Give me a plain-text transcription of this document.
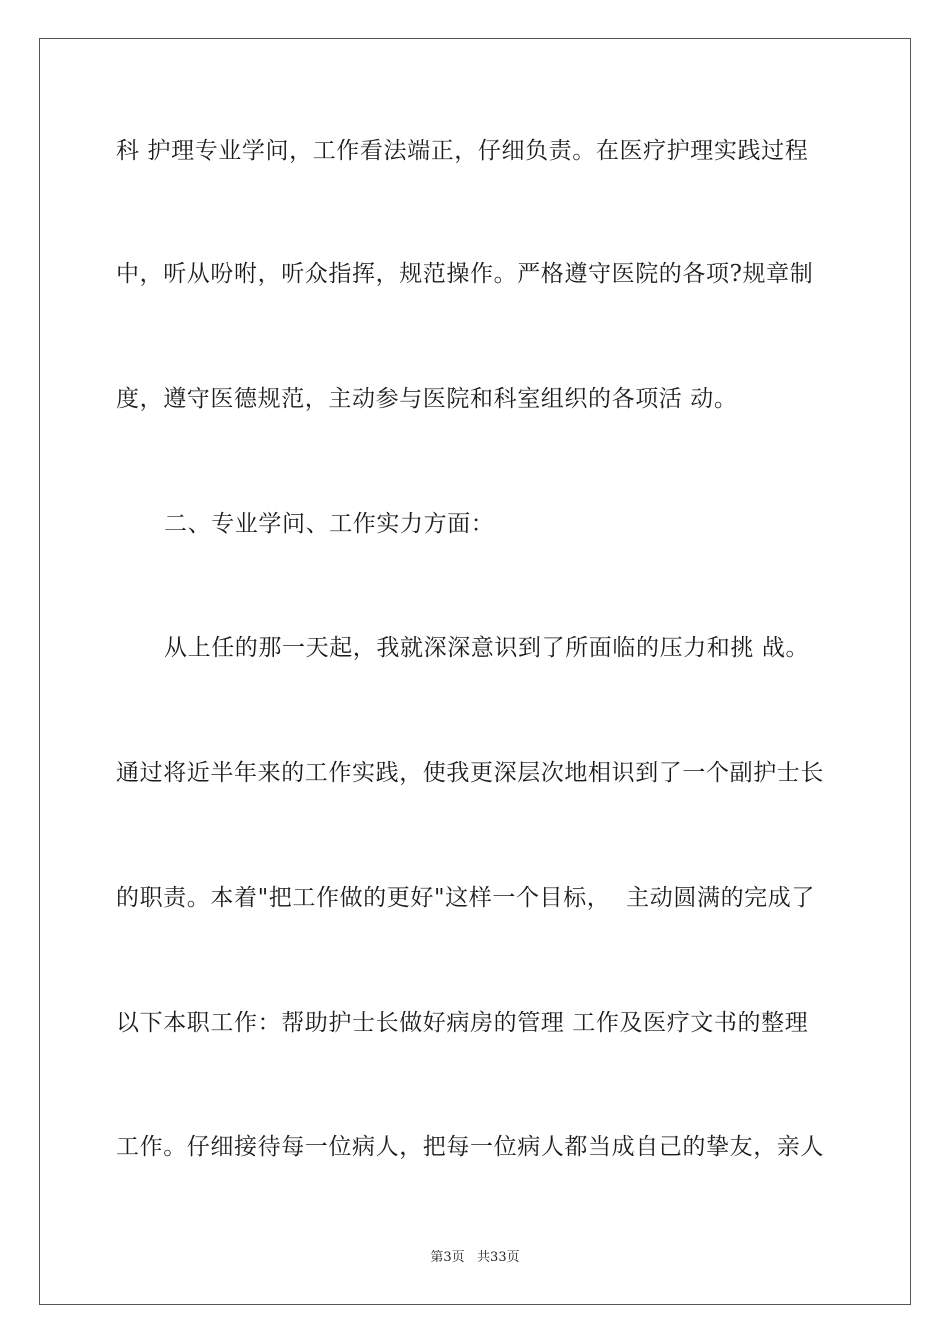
科 护理专业学问，工作看法端正，仔细负责。在医疗护理实践过程
中，听从吩咐，听众指挥，规范操作。严格遵守医院的各项?规章制
度，遵守医德规范，主动参与医院和科室组织的各项活 动。
二、专业学问、工作实力方面：
从上任的那一天起，我就深深意识到了所面临的压力和挑 战。
通过将近半年来的工作实践，使我更深层次地相识到了一个副护士长
的职责。本着"把工作做的更好"这样一个目标，  主动圆满的完成了
以下本职工作：帮助护士长做好病房的管理 工作及医疗文书的整理
工作。仔细接待每一位病人，把每一位病人都当成自己的挚友，亲人
第3页   共33页
